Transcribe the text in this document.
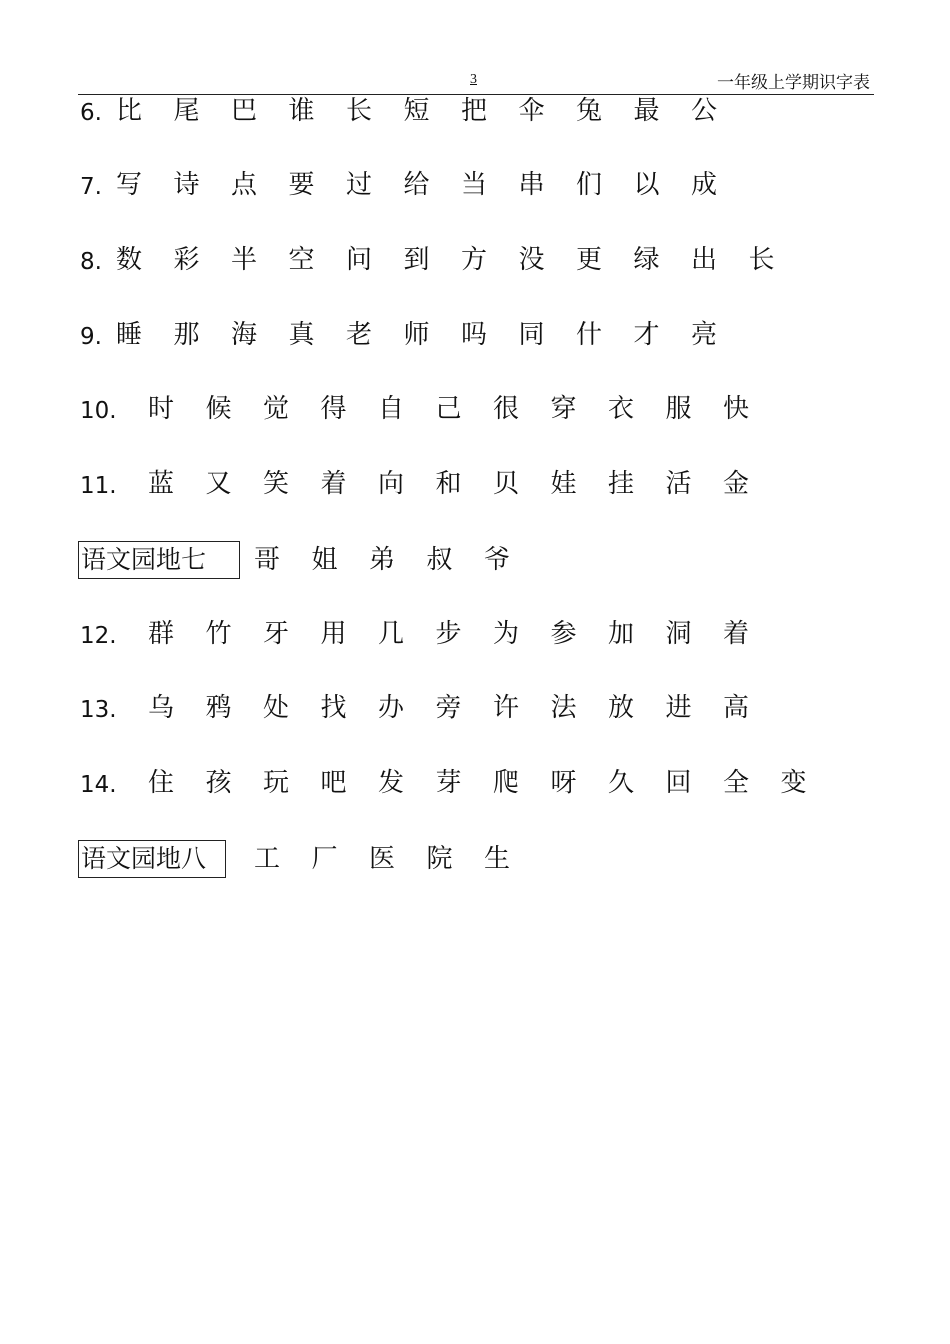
3	一年级上学期识字表
6. 比	尾	巴	谁	长	短	把	伞	兔	最	公
7. 写	诗	点	要	过	给	当	串	们	以	成
8. 数	彩	半	空	问	到	方	没	更	绿	出	长
9. 睡	那	海	真	老	师	吗	同	什	才	亮
10. 时	候	觉	得	自	己	很	穿	衣	服	快
11. 蓝	又	笑	着	向	和	贝	娃	挂	活	金
语文园地七	哥	姐	弟	叔	爷
12. 群	竹	牙	用	几	步	为	参	加	洞	着
13. 乌	鸦	处	找	办	旁	许	法	放	进	高
14. 住	孩	玩	吧	发	芽	爬	呀	久	回	全	变
语文园地八	工	厂	医	院	生
